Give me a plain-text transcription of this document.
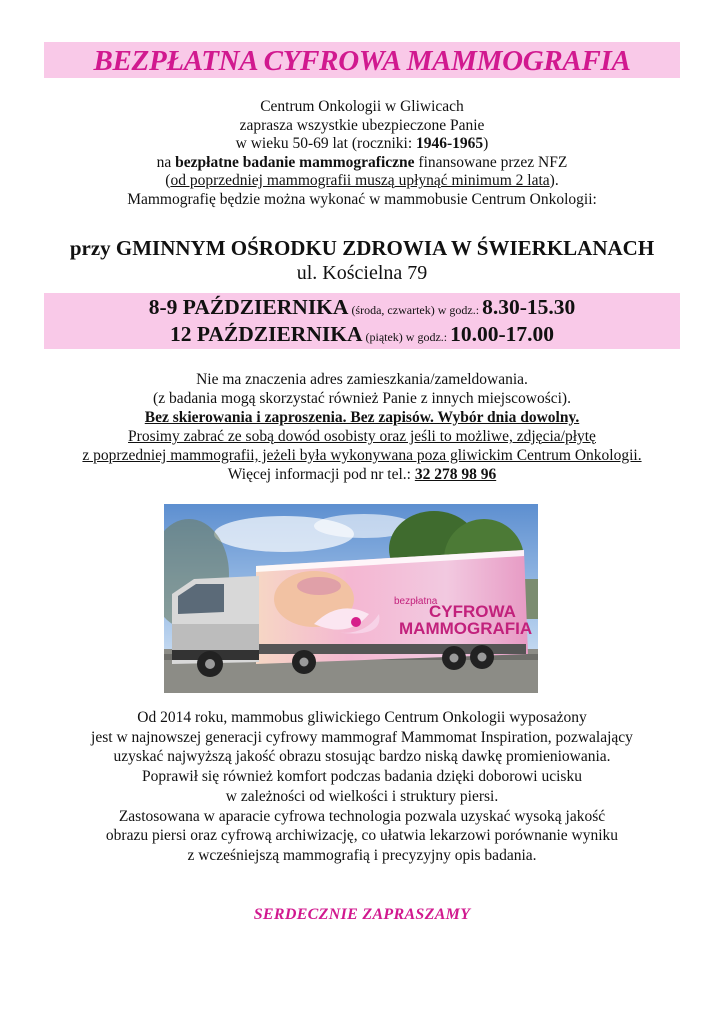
BEZPŁATNA CYFROWA MAMMOGRAFIA
Centrum Onkologii w Gliwicach
zaprasza wszystkie ubezpieczone Panie
w wieku 50-69 lat (roczniki: 1946-1965)
na bezpłatne badanie mammograficzne finansowane przez NFZ
(od poprzedniej mammografii muszą upłynąć minimum 2 lata).
Mammografię będzie można wykonać w mammobusie Centrum Onkologii:
przy GMINNYM OŚRODKU ZDROWIA W ŚWIERKLANACH
ul. Kościelna 79
8-9 PAŹDZIERNIKA (środa, czwartek) w godz.: 8.30-15.30
12 PAŹDZIERNIKA (piątek) w godz.: 10.00-17.00
Nie ma znaczenia adres zamieszkania/zameldowania.
(z badania mogą skorzystać również Panie z innych miejscowości).
Bez skierowania i zaproszenia. Bez zapisów. Wybór dnia dowolny.
Prosimy zabrać ze sobą dowód osobisty oraz jeśli to możliwe, zdjęcia/płytę
z poprzedniej mammografii, jeżeli była wykonywana poza gliwickim Centrum Onkologii.
Więcej informacji pod nr tel.: 32 278 98 96
bezpłatna
CYFROWA
MAMMOGRAFIA
Od 2014 roku, mammobus gliwickiego Centrum Onkologii wyposażony
jest w najnowszej generacji cyfrowy mammograf Mammomat Inspiration, pozwalający
uzyskać najwyższą jakość obrazu stosując bardzo niską dawkę promieniowania.
Poprawił się również komfort podczas badania dzięki doborowi ucisku
w zależności od wielkości i struktury piersi.
Zastosowana w aparacie cyfrowa technologia pozwala uzyskać wysoką jakość
obrazu piersi oraz cyfrową archiwizację, co ułatwia lekarzowi porównanie wyniku
z wcześniejszą mammografią i precyzyjny opis badania.
SERDECZNIE ZAPRASZAMY
